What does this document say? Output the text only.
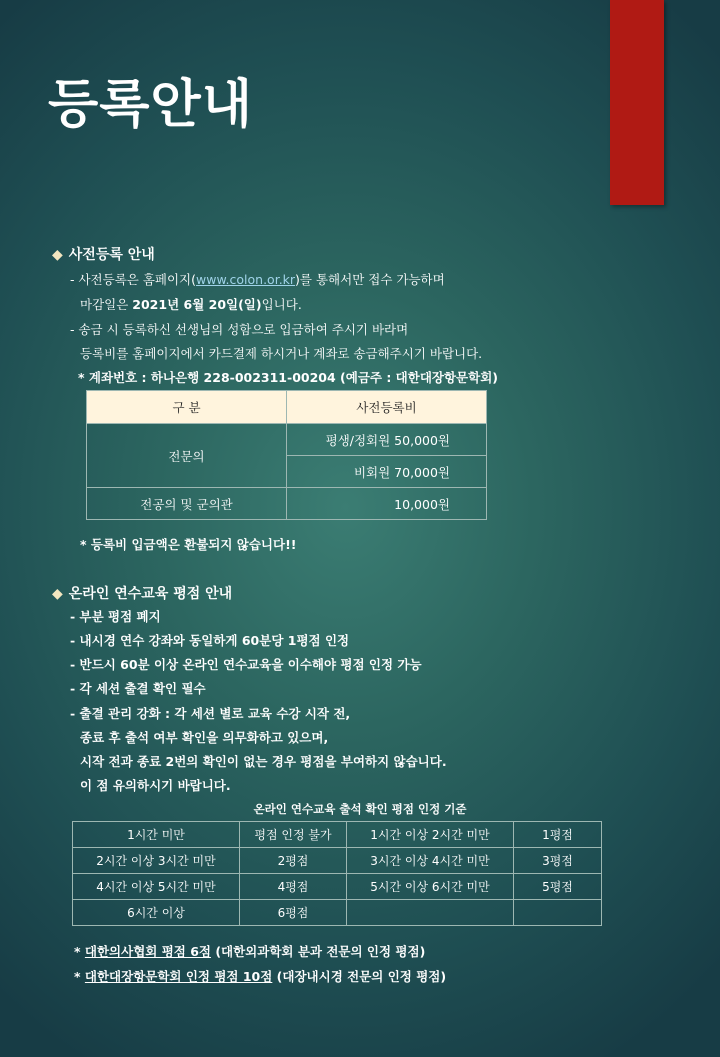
등록안내
◆ 사전등록 안내
- 사전등록은 홈페이지(www.colon.or.kr)를 통해서만 접수 가능하며
마감일은 2021년 6월 20일(일)입니다.
- 송금 시 등록하신 선생님의 성함으로 입금하여 주시기 바라며
등록비를 홈페이지에서 카드결제 하시거나 계좌로 송금해주시기 바랍니다.
* 계좌번호 : 하나은행 228-002311-00204 (예금주 : 대한대장항문학회)
구 분	사전등록비
전문의	평생/정회원 50,000원
	비회원 70,000원
전공의 및 군의관	10,000원
* 등록비 입금액은 환불되지 않습니다!!
◆ 온라인 연수교육 평점 안내
- 부분 평점 폐지
- 내시경 연수 강좌와 동일하게 60분당 1평점 인정
- 반드시 60분 이상 온라인 연수교육을 이수해야 평점 인정 가능
- 각 세션 출결 확인 필수
- 출결 관리 강화 : 각 세션 별로 교육 수강 시작 전,
종료 후 출석 여부 확인을 의무화하고 있으며,
시작 전과 종료 2번의 확인이 없는 경우 평점을 부여하지 않습니다.
이 점 유의하시기 바랍니다.
온라인 연수교육 출석 확인 평점 인정 기준
1시간 미만	평점 인정 불가	1시간 이상 2시간 미만	1평점
2시간 이상 3시간 미만	2평점	3시간 이상 4시간 미만	3평점
4시간 이상 5시간 미만	4평점	5시간 이상 6시간 미만	5평점
6시간 이상	6평점		
* 대한의사협회 평점 6점 (대한외과학회 분과 전문의 인정 평점)
* 대한대장항문학회 인정 평점 10점 (대장내시경 전문의 인정 평점)
